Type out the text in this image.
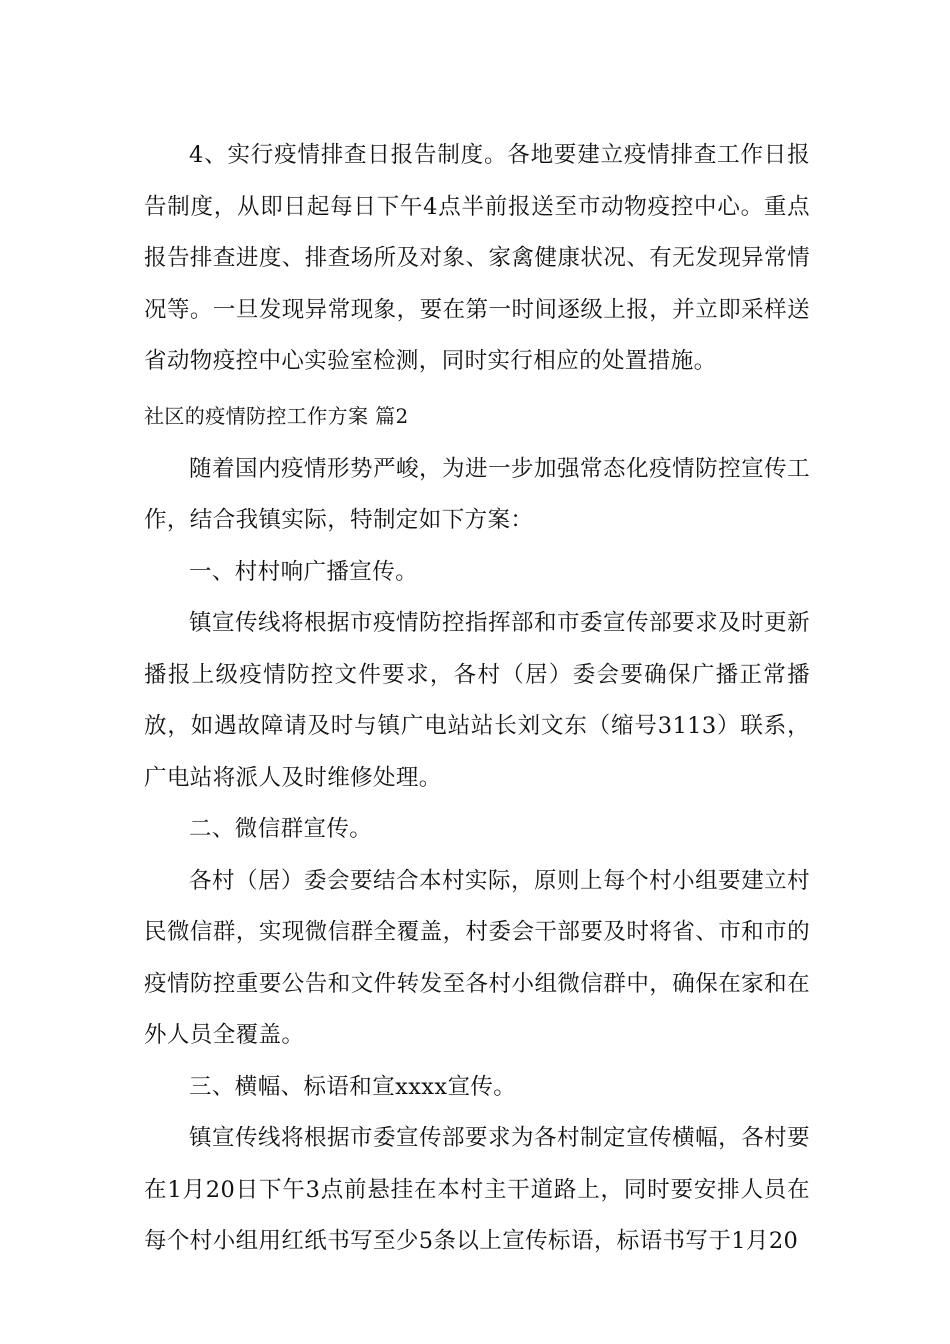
4、实行疫情排查日报告制度。各地要建立疫情排查工作日报告制度，从即日起每日下午4点半前报送至市动物疫控中心。重点报告排查进度、排查场所及对象、家禽健康状况、有无发现异常情况等。一旦发现异常现象，要在第一时间逐级上报，并立即采样送省动物疫控中心实验室检测，同时实行相应的处置措施。

社区的疫情防控工作方案 篇2

随着国内疫情形势严峻，为进一步加强常态化疫情防控宣传工作，结合我镇实际，特制定如下方案：

一、村村响广播宣传。

镇宣传线将根据市疫情防控指挥部和市委宣传部要求及时更新播报上级疫情防控文件要求，各村（居）委会要确保广播正常播放，如遇故障请及时与镇广电站站长刘文东（缩号3113）联系，广电站将派人及时维修处理。

二、微信群宣传。

各村（居）委会要结合本村实际，原则上每个村小组要建立村民微信群，实现微信群全覆盖，村委会干部要及时将省、市和市的疫情防控重要公告和文件转发至各村小组微信群中，确保在家和在外人员全覆盖。

三、横幅、标语和宣xxxx宣传。

镇宣传线将根据市委宣传部要求为各村制定宣传横幅，各村要在1月20日下午3点前悬挂在本村主干道路上，同时要安排人员在每个村小组用红纸书写至少5条以上宣传标语，标语书写于1月20
